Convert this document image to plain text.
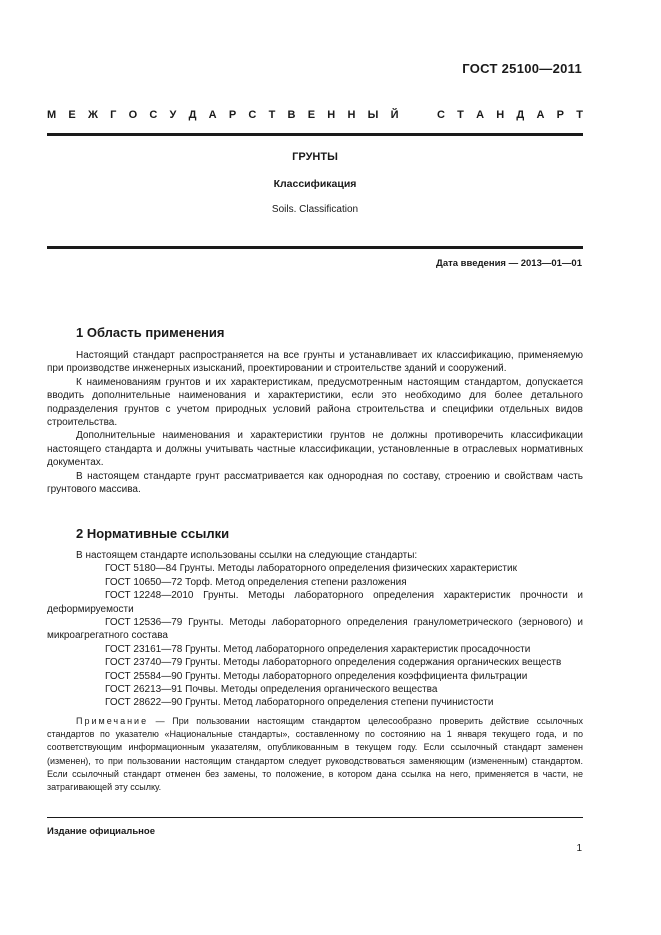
ГОСТ 25100—2011
М Е Ж Г О С У Д А Р С Т В Е Н Н Ы Й	С Т А Н Д А Р Т
ГРУНТЫ
Классификация
Soils. Classification
Дата введения — 2013—01—01
1 Область применения

Настоящий стандарт распространяется на все грунты и устанавливает их классификацию, применяемую при производстве инженерных изысканий, проектировании и строительстве зданий и сооружений.

К наименованиям грунтов и их характеристикам, предусмотренным настоящим стандартом, допускается вводить дополнительные наименования и характеристики, если это необходимо для более детального подразделения грунтов с учетом природных условий района строительства и специфики отдельных видов строительства.

Дополнительные наименования и характеристики грунтов не должны противоречить классификации настоящего стандарта и должны учитывать частные классификации, установленные в отраслевых нормативных документах.

В настоящем стандарте грунт рассматривается как однородная по составу, строению и свойствам часть грунтового массива.

2 Нормативные ссылки

В настоящем стандарте использованы ссылки на следующие стандарты:

ГОСТ 5180—84 Грунты. Методы лабораторного определения физических характеристик
ГОСТ 10650—72 Торф. Метод определения степени разложения
ГОСТ 12248—2010 Грунты. Методы лабораторного определения характеристик прочности и деформируемости
ГОСТ 12536—79 Грунты. Методы лабораторного определения гранулометрического (зернового) и микроагрегатного состава
ГОСТ 23161—78 Грунты. Метод лабораторного определения характеристик просадочности
ГОСТ 23740—79 Грунты. Методы лабораторного определения содержания органических веществ
ГОСТ 25584—90 Грунты. Методы лабораторного определения коэффициента фильтрации
ГОСТ 26213—91 Почвы. Методы определения органического вещества
ГОСТ 28622—90 Грунты. Метод лабораторного определения степени пучинистости
Примечание — При пользовании настоящим стандартом целесообразно проверить действие ссылочных стандартов по указателю «Национальные стандарты», составленному по состоянию на 1 января текущего года, и по соответствующим информационным указателям, опубликованным в текущем году. Если ссылочный стандарт заменен (изменен), то при пользовании настоящим стандартом следует руководствоваться заменяющим (измененным) стандартом. Если ссылочный стандарт отменен без замены, то положение, в котором дана ссылка на него, применяется в части, не затрагивающей эту ссылку.
Издание официальное
1
